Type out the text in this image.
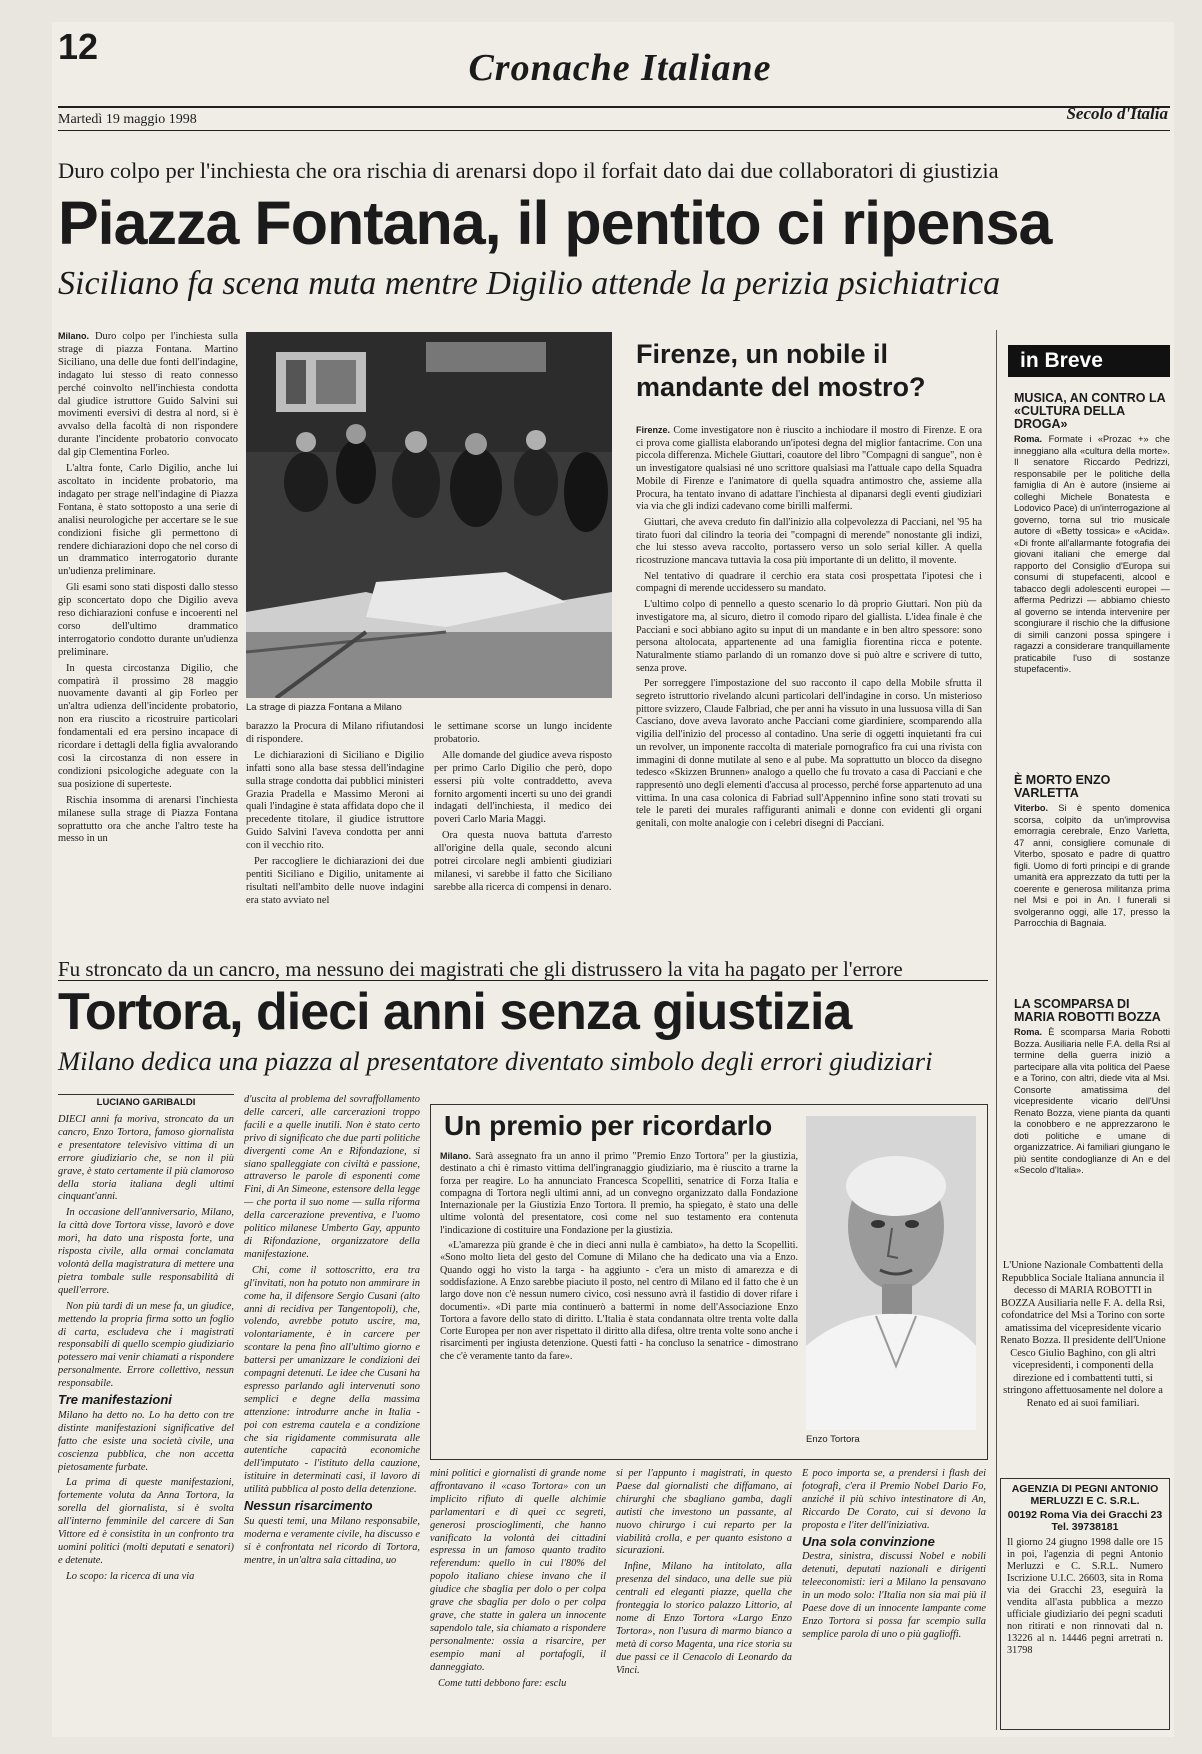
12
Cronache Italiane
Martedì 19 maggio 1998	Secolo d'Italia
Duro colpo per l'inchiesta che ora rischia di arenarsi dopo il forfait dato dai due collaboratori di giustizia
Piazza Fontana, il pentito ci ripensa
Siciliano fa scena muta mentre Digilio attende la perizia psichiatrica

Milano. Duro colpo per l'inchiesta sulla strage di piazza Fontana. Martino Siciliano, una delle due fonti dell'indagine, indagato lui stesso di reato connesso perché coinvolto nell'inchiesta condotta dal giudice istruttore Guido Salvini sui movimenti eversivi di destra al nord, si è avvalso della facoltà di non rispondere durante l'incidente probatorio convocato dal gip Clementina Forleo.

L'altra fonte, Carlo Digilio, anche lui ascoltato in incidente probatorio, ma indagato per strage nell'indagine di Piazza Fontana, è stato sottoposto a una serie di analisi neurologiche per accertare se le sue condizioni fisiche gli permettono di rendere dichiarazioni dopo che nel corso di un drammatico interrogatorio durante un'udienza preliminare.

Gli esami sono stati disposti dallo stesso gip sconcertato dopo che Digilio aveva reso dichiarazioni confuse e incoerenti nel corso dell'ultimo drammatico interrogatorio condotto durante un'udienza preliminare.

In questa circostanza Digilio, che compatirà il prossimo 28 maggio nuovamente davanti al gip Forleo per un'altra udienza dell'incidente probatorio, non era riuscito a ricostruire particolari fondamentali ed era persino incapace di ricordare i dettagli della figlia avvalorando così la circostanza di non essere in condizioni psicologiche adeguate con la sua posizione di superteste.

Rischia insomma di arenarsi l'inchiesta milanese sulla strage di Piazza Fontana soprattutto ora che anche l'altro teste ha messo in un

La strage di piazza Fontana a Milano

barazzo la Procura di Milano rifiutandosi di rispondere.

Le dichiarazioni di Siciliano e Digilio infatti sono alla base stessa dell'indagine sulla strage condotta dai pubblici ministeri Grazia Pradella e Massimo Meroni ai quali l'indagine è stata affidata dopo che il precedente titolare, il giudice istruttore Guido Salvini l'aveva condotta per anni con il vecchio rito.

Per raccogliere le dichiarazioni dei due pentiti Siciliano e Digilio, unitamente ai risultati nell'ambito delle nuove indagini era stato avviato nel

le settimane scorse un lungo incidente probatorio.

Alle domande del giudice aveva risposto per primo Carlo Digilio che però, dopo essersi più volte contraddetto, aveva fornito argomenti incerti su uno dei grandi indagati dell'inchiesta, il medico dei poveri Carlo Maria Maggi.

Ora questa nuova battuta d'arresto all'origine della quale, secondo alcuni potrei circolare negli ambienti giudiziari milanesi, vi sarebbe il fatto che Siciliano sarebbe alla ricerca di compensi in denaro.

Firenze, un nobile il mandante del mostro?

Firenze. Come investigatore non è riuscito a inchiodare il mostro di Firenze. E ora ci prova come giallista elaborando un'ipotesi degna del miglior fantacrime. Con una piccola differenza. Michele Giuttari, coautore del libro "Compagni di sangue", non è un investigatore qualsiasi né uno scrittore qualsiasi ma l'attuale capo della Squadra Mobile di Firenze e l'animatore di quella squadra antimostro che, assieme alla Procura, ha tentato invano di adattare l'inchiesta al dipanarsi degli eventi giudiziari via via che gli indizi cadevano come birilli malfermi.

Giuttari, che aveva creduto fin dall'inizio alla colpevolezza di Pacciani, nel '95 ha tirato fuori dal cilindro la teoria dei "compagni di merende" nonostante gli indizi, che lui stesso aveva raccolto, portassero verso un solo serial killer. A quella ricostruzione mancava tuttavia la cosa più importante di un delitto, il movente.

Nel tentativo di quadrare il cerchio era stata così prospettata l'ipotesi che i compagni di merende uccidessero su mandato.

L'ultimo colpo di pennello a questo scenario lo dà proprio Giuttari. Non più da investigatore ma, al sicuro, dietro il comodo riparo del giallista. L'idea finale è che Pacciani e soci abbiano agito su input di un mandante e in ben altro spessore: sono persona altolocata, appartenente ad una famiglia fiorentina ricca e potente. Naturalmente stiamo parlando di un romanzo dove si può altre e scrivere di tutto, senza prove.

Per sorreggere l'impostazione del suo racconto il capo della Mobile sfrutta il segreto istruttorio rivelando alcuni particolari dell'indagine in corso. Un misterioso pittore svizzero, Claude Falbriad, che per anni ha vissuto in una lussuosa villa di San Casciano, dove aveva lavorato anche Pacciani come giardiniere, scomparendo alla vigilia dell'inizio del processo al contadino. Una serie di oggetti inquietanti fra cui un revolver, un imponente raccolta di materiale pornografico fra cui una rivista con immagini di donne mutilate al seno e al pube. Ma soprattutto un blocco da disegno tedesco «Skizzen Brunnen» analogo a quello che fu trovato a casa di Pacciani e che rappresentò uno degli elementi d'accusa al processo, perché forse appartenuto ad una vittima. In una casa colonica di Fabriad sull'Appennino infine sono stati trovati su tele le pareti dei murales raffiguranti animali e donne con evidenti gli organi genitali, con molte analogie con i celebri disegni di Pacciani.

in Breve
MUSICA, AN CONTRO LA «CULTURA DELLA DROGA»

Roma. Formate i «Prozac +» che inneggiano alla «cultura della morte». Il senatore Riccardo Pedrizzi, responsabile per le politiche della famiglia di An è autore (insieme ai colleghi Michele Bonatesta e Lodovico Pace) di un'interrogazione al governo, torna sul trio musicale autore di «Betty tossica» e «Acida». «Di fronte all'allarmante fotografia dei giovani italiani che emerge dal rapporto del Consiglio d'Europa sui consumi di stupefacenti, alcool e tabacco degli adolescenti europei — afferma Pedrizzi — abbiamo chiesto al governo se intenda intervenire per scongiurare il rischio che la diffusione di simili canzoni possa spingere i ragazzi a considerare tranquillamente praticabile l'uso di sostanze stupefacenti».

È MORTO ENZO VARLETTA

Viterbo. Si è spento domenica scorsa, colpito da un'improvvisa emorragia cerebrale, Enzo Varletta, 47 anni, consigliere comunale di Viterbo, sposato e padre di quattro figli. Uomo di forti principi e di grande umanità era apprezzato da tutti per la coerente e generosa militanza prima nel Msi e poi in An. I funerali si svolgeranno oggi, alle 17, presso la Parrocchia di Bagnaia.

LA SCOMPARSA DI MARIA ROBOTTI BOZZA

Roma. È scomparsa Maria Robotti Bozza. Ausiliaria nelle F.A. della Rsi al termine della guerra iniziò a partecipare alla vita politica del Paese e a Torino, con altri, diede vita al Msi. Consorte amatissima del vicepresidente vicario dell'Unsi Renato Bozza, viene pianta da quanti la conobbero e ne apprezzarono le doti politiche e umane di organizzatrice. Ai familiari giungano le più sentite condoglianze di An e del «Secolo d'Italia».

L'Unione Nazionale Combattenti della Repubblica Sociale Italiana annuncia il decesso di MARIA ROBOTTI in BOZZA Ausiliaria nelle F. A. della Rsi, cofondatrice del Msi a Torino con sorte amatissima del vicepresidente vicario Renato Bozza. Il presidente dell'Unione Cesco Giulio Baghino, con gli altri vicepresidenti, i componenti della direzione ed i combattenti tutti, si stringono affettuosamente nel dolore a Renato ed ai suoi familiari.
AGENZIA DI PEGNI ANTONIO MERLUZZI E C. S.R.L.
00192 Roma Via dei Gracchi 23
Tel. 39738181
Il giorno 24 giugno 1998 dalle ore 15 in poi, l'agenzia di pegni Antonio Merluzzi e C. S.R.L. Numero Iscrizione U.I.C. 26603, sita in Roma via dei Gracchi 23, eseguirà la vendita all'asta pubblica a mezzo ufficiale giudiziario dei pegni scaduti non ritirati e non rinnovati dal n. 13226 al n. 14446 pegni arretrati n. 31798
Fu stroncato da un cancro, ma nessuno dei magistrati che gli distrussero la vita ha pagato per l'errore
Tortora, dieci anni senza giustizia
Milano dedica una piazza al presentatore diventato simbolo degli errori giudiziari
LUCIANO GARIBALDI

DIECI anni fa moriva, stroncato da un cancro, Enzo Tortora, famoso giornalista e presentatore televisivo vittima di un errore giudiziario che, se non il più grave, è stato certamente il più clamoroso della storia italiana degli ultimi cinquant'anni.

In occasione dell'anniversario, Milano, la città dove Tortora visse, lavorò e dove morì, ha dato una risposta forte, una risposta civile, alla ormai conclamata volontà della magistratura di mettere una pietra tombale sulle responsabilità di quell'errore.

Non più tardi di un mese fa, un giudice, mettendo la propria firma sotto un foglio di carta, escludeva che i magistrati responsabili di quello scempio giudiziario potessero mai venir chiamati a rispondere personalmente. Errore collettivo, nessun responsabile.

Tre manifestazioni

Milano ha detto no. Lo ha detto con tre distinte manifestazioni significative del fatto che esiste una società civile, una coscienza pubblica, che non accetta pietosamente furbate.

La prima di queste manifestazioni, fortemente voluta da Anna Tortora, la sorella del giornalista, si è svolta all'interno femminile del carcere di San Vittore ed è consistita in un confronto tra uomini politici (molti deputati e senatori) e detenute.

Lo scopo: la ricerca di una via

d'uscita al problema del sovraffollamento delle carceri, alle carcerazioni troppo facili e a quelle inutili. Non è stato certo privo di significato che due parti politiche divergenti come An e Rifondazione, si siano spalleggiate con civiltà e passione, attraverso le parole di esponenti come Fini, di An Simeone, estensore della legge — che porta il suo nome — sulla riforma della carcerazione preventiva, e l'uomo politico milanese Umberto Gay, appunto di Rifondazione, organizzatore della manifestazione.

Chi, come il sottoscritto, era tra gl'invitati, non ha potuto non ammirare in come ha, il difensore Sergio Cusani (alto anni di recidiva per Tangentopoli), che, volendo, avrebbe potuto uscire, ma, volontariamente, è in carcere per scontare la pena fino all'ultimo giorno e battersi per umanizzare le condizioni dei compagni detenuti. Le idee che Cusani ha espresso parlando agli intervenuti sono semplici e degne della massima attenzione: introdurre anche in Italia - poi con estrema cautela e a condizione che sia rigidamente commisurata alle autentiche capacità economiche dell'imputato - l'istituto della cauzione, istituire in determinati casi, il lavoro di utilità pubblica al posto della detenzione.

Nessun risarcimento

Su questi temi, una Milano responsabile, moderna e veramente civile, ha discusso e si è confrontata nel ricordo di Tortora, mentre, in un'altra sala cittadina, uo

Un premio per ricordarlo

Milano. Sarà assegnato fra un anno il primo "Premio Enzo Tortora" per la giustizia, destinato a chi è rimasto vittima dell'ingranaggio giudiziario, ma è riuscito a trarne la forza per reagire. Lo ha annunciato Francesca Scopelliti, senatrice di Forza Italia e compagna di Tortora negli ultimi anni, ad un convegno organizzato dalla Fondazione Internazionale per la Giustizia Enzo Tortora. Il premio, ha spiegato, è stato una delle ultime volontà del presentatore, così come nel suo testamento era contenuta l'indicazione di costituire una Fondazione per la giustizia.

«L'amarezza più grande è che in dieci anni nulla è cambiato», ha detto la Scopelliti. «Sono molto lieta del gesto del Comune di Milano che ha dedicato una via a Enzo. Quando oggi ho visto la targa - ha aggiunto - c'era un misto di amarezza e di soddisfazione. A Enzo sarebbe piaciuto il posto, nel centro di Milano ed il fatto che è un largo dove non c'è nessun numero civico, così nessuno avrà il fastidio di dover rifare i documenti». «Di parte mia continuerò a battermi in nome dell'Associazione Enzo Tortora a favore dello stato di diritto. L'Italia è stata condannata oltre trenta volte dalla Corte Europea per non aver rispettato il diritto alla difesa, oltre trenta volte sono anche i risarcimenti per ingiusta detenzione. Questi fatti - ha concluso la senatrice - dimostrano che c'è veramente tanto da fare».

Enzo Tortora

mini politici e giornalisti di grande nome affrontavano il «caso Tortora» con un implicito rifiuto di quelle alchimie parlamentari e di quei cc segreti, generosi proscioglimenti, che hanno vanificato la volontà dei cittadini espressa in un famoso quanto tradito referendum: quello in cui l'80% del popolo italiano chiese invano che il giudice che sbaglia per dolo o per colpa grave che sbaglia per dolo o per colpa grave, che statte in galera un innocente sapendolo tale, sia chiamato a rispondere personalmente: ossia a risarcire, per esempio mani al portafogli, il danneggiato.

Come tutti debbono fare: esclu

si per l'appunto i magistrati, in questo Paese dal giornalisti che diffamano, ai chirurghi che sbagliano gamba, dagli autisti che investono un passante, al nuovo chirurgo i cui reparto per la viabilità crolla, e per quanto esistono a sicurazioni.

Infine, Milano ha intitolato, alla presenza del sindaco, una delle sue più centrali ed eleganti piazze, quella che fronteggia lo storico palazzo Littorio, al nome di Enzo Tortora «Largo Enzo Tortora», non l'usura di marmo bianco a metà di corso Magenta, una rice storia su due passi ce il Cenacolo di Leonardo da Vinci.

E poco importa se, a prendersi i flash dei fotografi, c'era il Premio Nobel Dario Fo, anziché il più schivo intestinatore di An, Riccardo De Corato, cui si devono la proposta e l'iter dell'iniziativa.

Una sola convinzione

Destra, sinistra, discussi Nobel e nobili detenuti, deputati nazionali e dirigenti teleeconomisti: ieri a Milano la pensavano in un modo solo: l'Italia non sia mai più il Paese dove di un innocente lampante come Enzo Tortora si possa far scempio sulla semplice parola di uno o più gaglioffi.
